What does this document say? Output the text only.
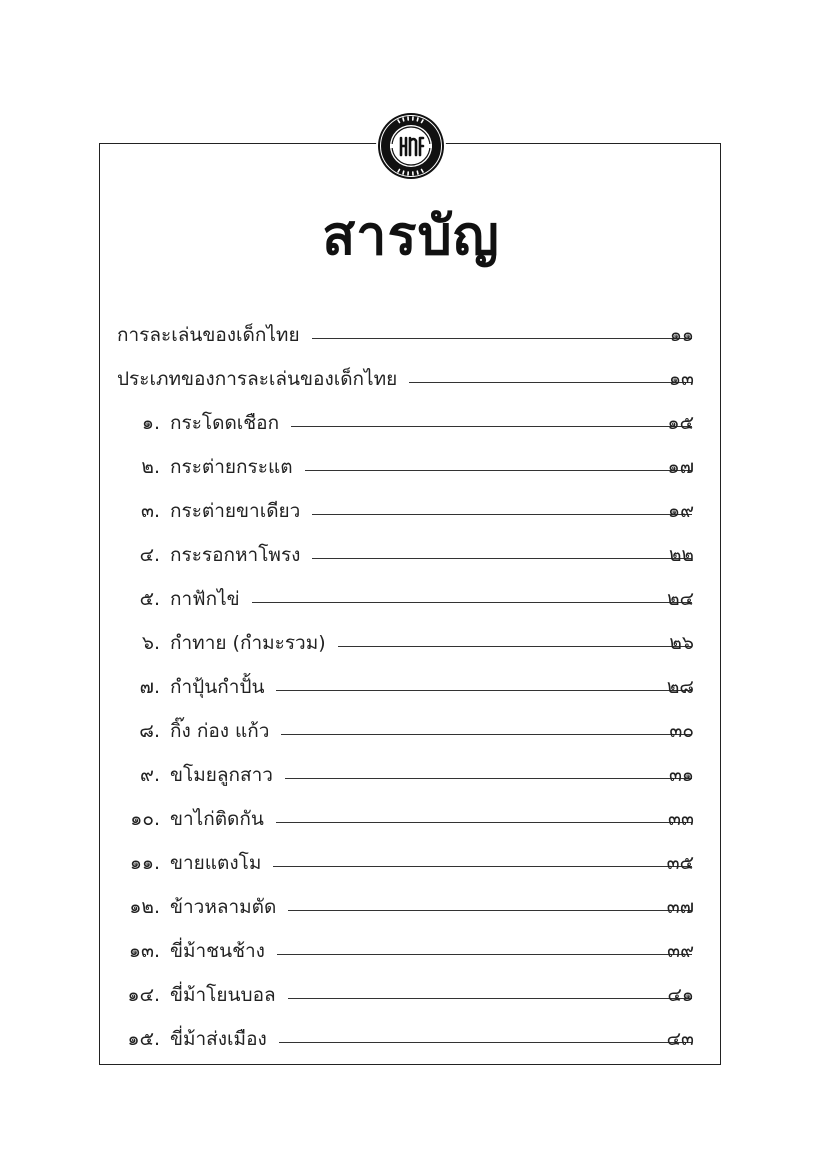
สารบัญ
การละเล่นของเด็กไทย	๑๑
ประเภทของการละเล่นของเด็กไทย	๑๓
๑. กระโดดเชือก	๑๕
๒. กระต่ายกระแต	๑๗
๓. กระต่ายขาเดียว	๑๙
๔. กระรอกหาโพรง	๒๒
๕. กาฟักไข่	๒๔
๖. กำทาย (กำมะรวม)	๒๖
๗. กำปุ้นกำปั้น	๒๘
๘. กิ๊ง ก่อง แก้ว	๓๐
๙. ขโมยลูกสาว	๓๑
๑๐. ขาไก่ติดกัน	๓๓
๑๑. ขายแตงโม	๓๕
๑๒. ข้าวหลามตัด	๓๗
๑๓. ขี่ม้าชนช้าง	๓๙
๑๔. ขี่ม้าโยนบอล	๔๑
๑๕. ขี่ม้าส่งเมือง	๔๓
